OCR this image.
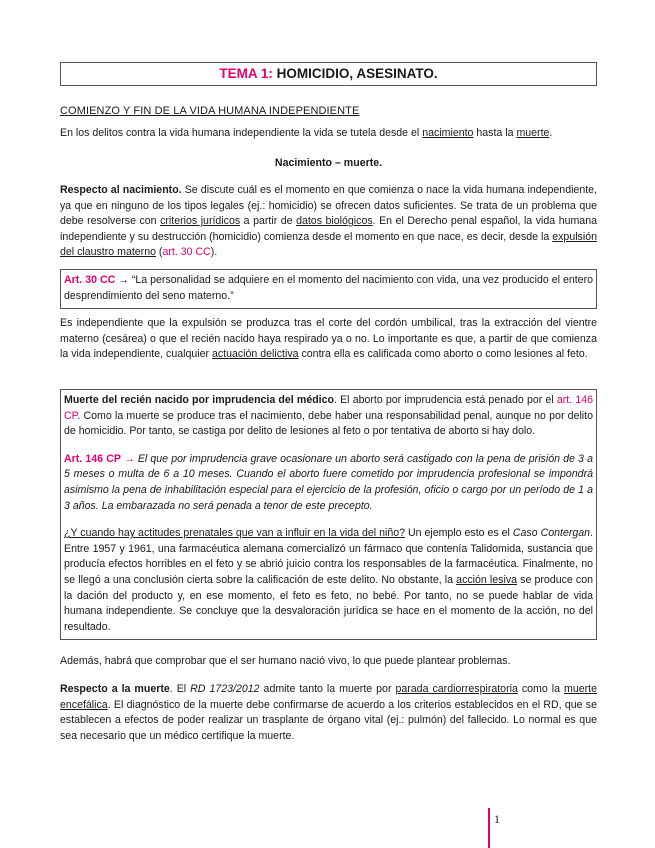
TEMA 1: HOMICIDIO, ASESINATO.
COMIENZO Y FIN DE LA VIDA HUMANA INDEPENDIENTE

En los delitos contra la vida humana independiente la vida se tutela desde el nacimiento hasta la muerte.

Nacimiento – muerte.

Respecto al nacimiento. Se discute cuál es el momento en que comienza o nace la vida humana independiente, ya que en ninguno de los tipos legales (ej.: homicidio) se ofrecen datos suficientes. Se trata de un problema que debe resolverse con criterios jurídicos a partir de datos biológicos. En el Derecho penal español, la vida humana independiente y su destrucción (homicidio) comienza desde el momento en que nace, es decir, desde la expulsión del claustro materno (art. 30 CC).

Art. 30 CC → “La personalidad se adquiere en el momento del nacimiento con vida, una vez producido el entero desprendimiento del seno materno.”

Es independiente que la expulsión se produzca tras el corte del cordón umbilical, tras la extracción del vientre materno (cesárea) o que el recién nacido haya respirado ya o no. Lo importante es que, a partir de que comienza la vida independiente, cualquier actuación delictiva contra ella es calificada como aborto o como lesiones al feto.

Muerte del recién nacido por imprudencia del médico. El aborto por imprudencia está penado por el art. 146 CP. Como la muerte se produce tras el nacimiento, debe haber una responsabilidad penal, aunque no por delito de homicidio. Por tanto, se castiga por delito de lesiones al feto o por tentativa de aborto si hay dolo.

Art. 146 CP → El que por imprudencia grave ocasionare un aborto será castigado con la pena de prisión de 3 a 5 meses o multa de 6 a 10 meses. Cuando el aborto fuere cometido por imprudencia profesional se impondrá asimismo la pena de inhabilitación especial para el ejercicio de la profesión, oficio o cargo por un período de 1 a 3 años. La embarazada no será penada a tenor de este precepto.

¿Y cuando hay actitudes prenatales que van a influir en la vida del niño? Un ejemplo esto es el Caso Contergan. Entre 1957 y 1961, una farmacéutica alemana comercializó un fármaco que contenía Talidomida, sustancia que producía efectos horribles en el feto y se abrió juicio contra los responsables de la farmacéutica. Finalmente, no se llegó a una conclusión cierta sobre la calificación de este delito. No obstante, la acción lesiva se produce con la dación del producto y, en ese momento, el feto es feto, no bebé. Por tanto, no se puede hablar de vida humana independiente. Se concluye que la desvaloración jurídica se hace en el momento de la acción, no del resultado.

Además, habrá que comprobar que el ser humano nació vivo, lo que puede plantear problemas.

Respecto a la muerte. El RD 1723/2012 admite tanto la muerte por parada cardiorrespiratoria como la muerte encefálica. El diagnóstico de la muerte debe confirmarse de acuerdo a los criterios establecidos en el RD, que se establecen a efectos de poder realizar un trasplante de órgano vital (ej.: pulmón) del fallecido. Lo normal es que sea necesario que un médico certifique la muerte.

1
